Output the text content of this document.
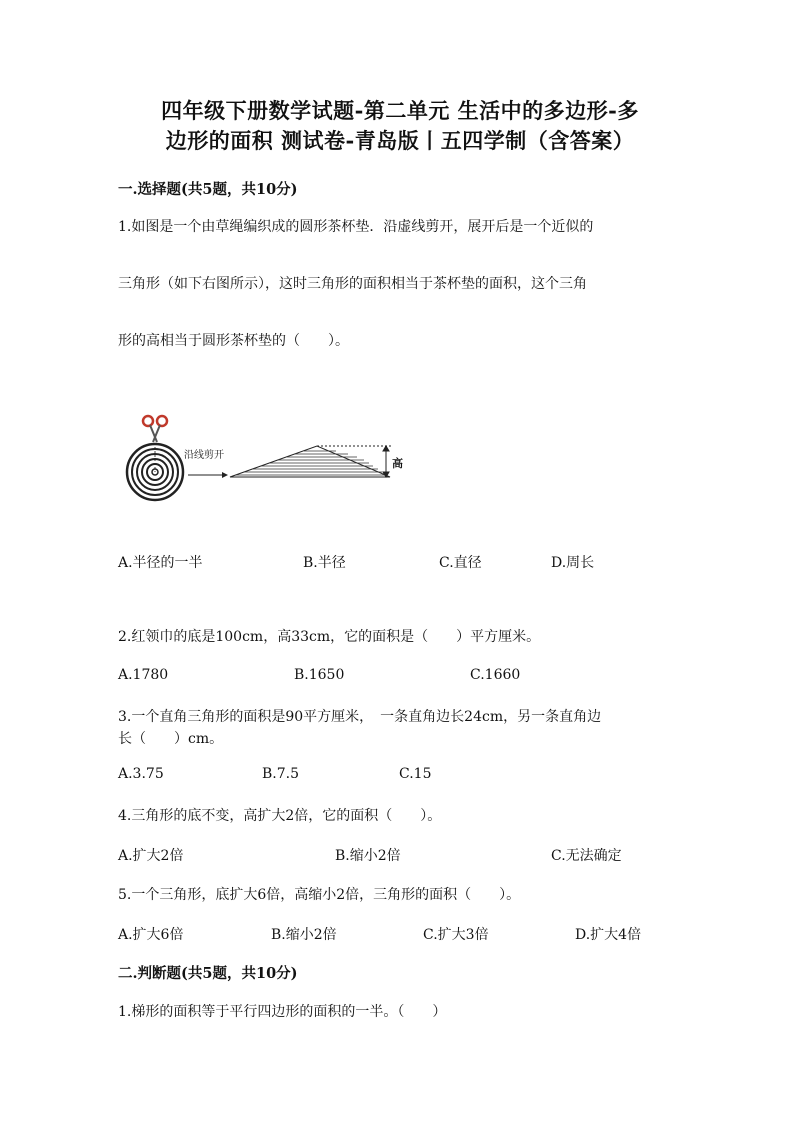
四年级下册数学试题-第二单元 生活中的多边形-多
边形的面积 测试卷-青岛版丨五四学制（含答案）
一.选择题(共5题，共10分)
1.如图是一个由草绳编织成的圆形茶杯垫．沿虚线剪开，展开后是一个近似的
三角形（如下右图所示），这时三角形的面积相当于茶杯垫的面积，这个三角
形的高相当于圆形茶杯垫的（　　）。
沿线剪开
高
A.半径的一半	B.半径	C.直径	D.周长
2.红领巾的底是100cm，高33cm，它的面积是（　　）平方厘米。
A.1780	B.1650	C.1660
3.一个直角三角形的面积是90平方厘米，　一条直角边长24cm，另一条直角边
长（　　）cm。
A.3.75	B.7.5	C.15
4.三角形的底不变，高扩大2倍，它的面积（　　）。
A.扩大2倍	B.缩小2倍	C.无法确定
5.一个三角形，底扩大6倍，高缩小2倍，三角形的面积（　　）。
A.扩大6倍	B.缩小2倍	C.扩大3倍	D.扩大4倍
二.判断题(共5题，共10分)
1.梯形的面积等于平行四边形的面积的一半。（　　）
